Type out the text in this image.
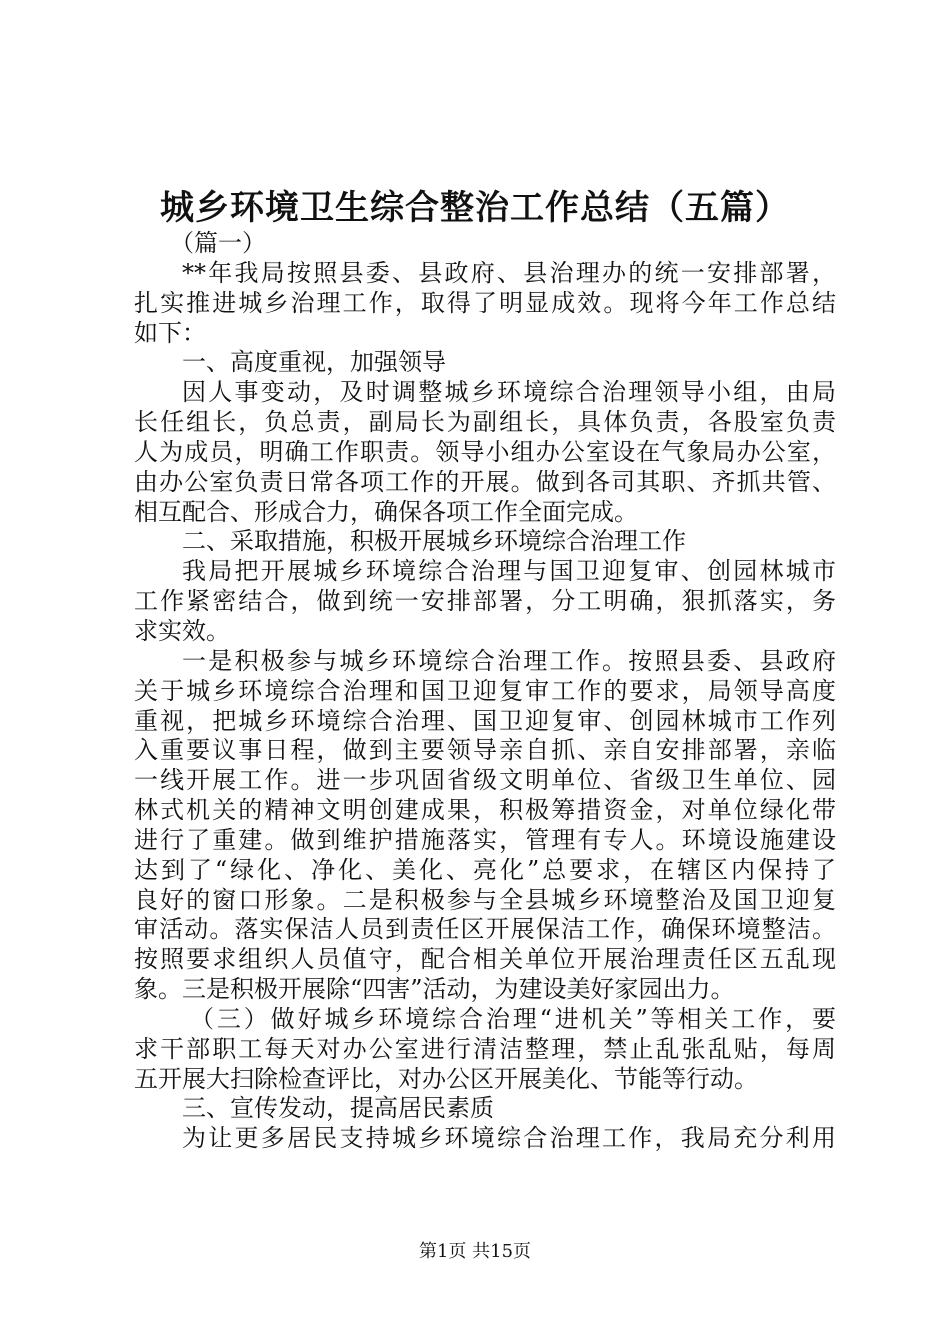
城乡环境卫生综合整治工作总结（五篇）
（篇一）
**年我局按照县委、县政府、县治理办的统一安排部署，
扎实推进城乡治理工作，取得了明显成效。现将今年工作总结
如下：
一、高度重视，加强领导
因人事变动，及时调整城乡环境综合治理领导小组，由局
长任组长，负总责，副局长为副组长，具体负责，各股室负责
人为成员，明确工作职责。领导小组办公室设在气象局办公室，
由办公室负责日常各项工作的开展。做到各司其职、齐抓共管、
相互配合、形成合力，确保各项工作全面完成。
二、采取措施，积极开展城乡环境综合治理工作
我局把开展城乡环境综合治理与国卫迎复审、创园林城市
工作紧密结合，做到统一安排部署，分工明确，狠抓落实，务
求实效。
一是积极参与城乡环境综合治理工作。按照县委、县政府
关于城乡环境综合治理和国卫迎复审工作的要求，局领导高度
重视，把城乡环境综合治理、国卫迎复审、创园林城市工作列
入重要议事日程，做到主要领导亲自抓、亲自安排部署，亲临
一线开展工作。进一步巩固省级文明单位、省级卫生单位、园
林式机关的精神文明创建成果，积极筹措资金，对单位绿化带
进行了重建。做到维护措施落实，管理有专人。环境设施建设
达到了“绿化、净化、美化、亮化”总要求，在辖区内保持了
良好的窗口形象。二是积极参与全县城乡环境整治及国卫迎复
审活动。落实保洁人员到责任区开展保洁工作，确保环境整洁。
按照要求组织人员值守，配合相关单位开展治理责任区五乱现
象。三是积极开展除“四害”活动，为建设美好家园出力。
（三）做好城乡环境综合治理“进机关”等相关工作，要
求干部职工每天对办公室进行清洁整理，禁止乱张乱贴，每周
五开展大扫除检查评比，对办公区开展美化、节能等行动。
三、宣传发动，提高居民素质
为让更多居民支持城乡环境综合治理工作，我局充分利用
第1页 共15页
